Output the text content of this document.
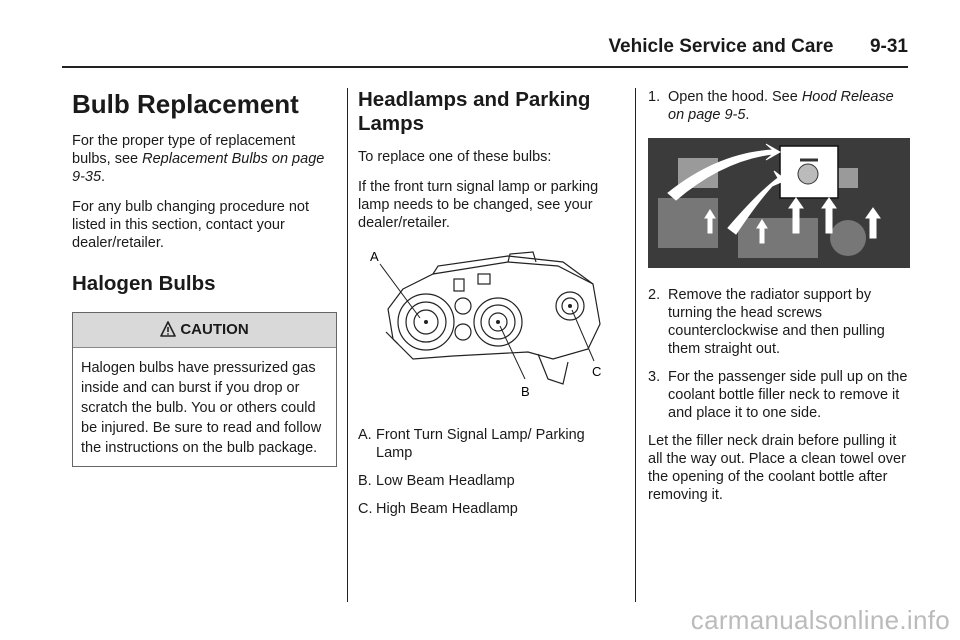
Vehicle Service and Care 9-31
Bulb Replacement

For the proper type of replacement bulbs, see Replacement Bulbs on page 9-35.

For any bulb changing procedure not listed in this section, contact your dealer/retailer.

Halogen Bulbs
CAUTION
Halogen bulbs have pressurized gas inside and can burst if you drop or scratch the bulb. You or others could be injured. Be sure to read and follow the instructions on the bulb package.
Headlamps and Parking Lamps

To replace one of these bulbs:

If the front turn signal lamp or parking lamp needs to be changed, see your dealer/retailer.

A
B
C
A. Front Turn Signal Lamp/ Parking Lamp
B. Low Beam Headlamp
C. High Beam Headlamp
1. Open the hood. See Hood Release on page 9-5.
2. Remove the radiator support by turning the head screws counterclockwise and then pulling them straight out.
3. For the passenger side pull up on the coolant bottle filler neck to remove it and place it to one side.

Let the filler neck drain before pulling it all the way out. Place a clean towel over the opening of the coolant bottle after removing it.

carmanualsonline.info
